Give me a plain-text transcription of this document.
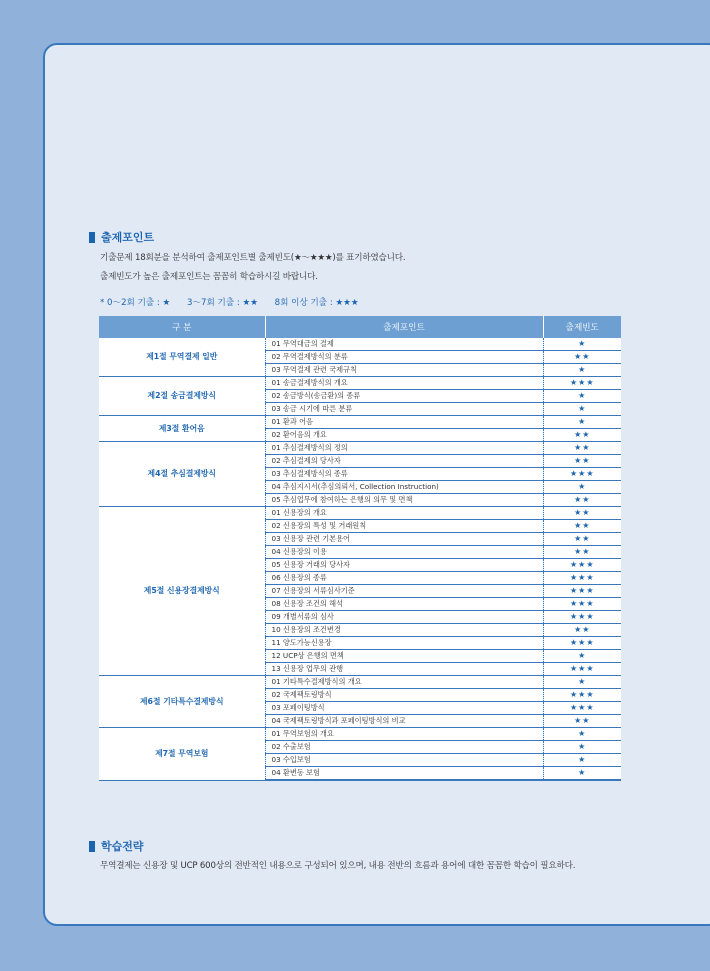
출제포인트
기출문제 18회분을 분석하여 출제포인트별 출제빈도(★～★★★)를 표기하였습니다.
출제빈도가 높은 출제포인트는 꼼꼼히 학습하시길 바랍니다.
* 0～2회 기출 : ★ 3～7회 기출 : ★★ 8회 이상 기출 : ★★★
구 분	출제포인트	출제빈도
제1절 무역결제 일반	01 무역대금의 결제	★
	02 무역결제방식의 분류	★★
	03 무역결제 관련 국제규칙	★
제2절 송금결제방식	01 송금결제방식의 개요	★★★
	02 송금방식(송금환)의 종류	★
	03 송금 시기에 따른 분류	★
제3절 환어음	01 환과 어음	★
	02 환어음의 개요	★★
제4절 추심결제방식	01 추심결제방식의 정의	★★
	02 추심결제의 당사자	★★
	03 추심결제방식의 종류	★★★
	04 추심지시서(추심의뢰서, Collection Instruction)	★
	05 추심업무에 참여하는 은행의 의무 및 면책	★★
제5절 신용장결제방식	01 신용장의 개요	★★
	02 신용장의 특성 및 거래원칙	★★
	03 신용장 관련 기본용어	★★
	04 신용장의 이용	★★
	05 신용장 거래의 당사자	★★★
	06 신용장의 종류	★★★
	07 신용장의 서류심사기준	★★★
	08 신용장 조건의 해석	★★★
	09 개별서류의 심사	★★★
	10 신용장의 조건변경	★★
	11 양도가능신용장	★★★
	12 UCP상 은행의 면책	★
	13 신용장 업무의 관행	★★★
제6절 기타특수결제방식	01 기타특수결제방식의 개요	★
	02 국제팩토링방식	★★★
	03 포페이팅방식	★★★
	04 국제팩토링방식과 포페이팅방식의 비교	★★
제7절 무역보험	01 무역보험의 개요	★
	02 수출보험	★
	03 수입보험	★
	04 환변동 보험	★
학습전략
무역결제는 신용장 및 UCP 600상의 전반적인 내용으로 구성되어 있으며, 내용 전반의 흐름과 용어에 대한 꼼꼼한 학습이 필요하다.
